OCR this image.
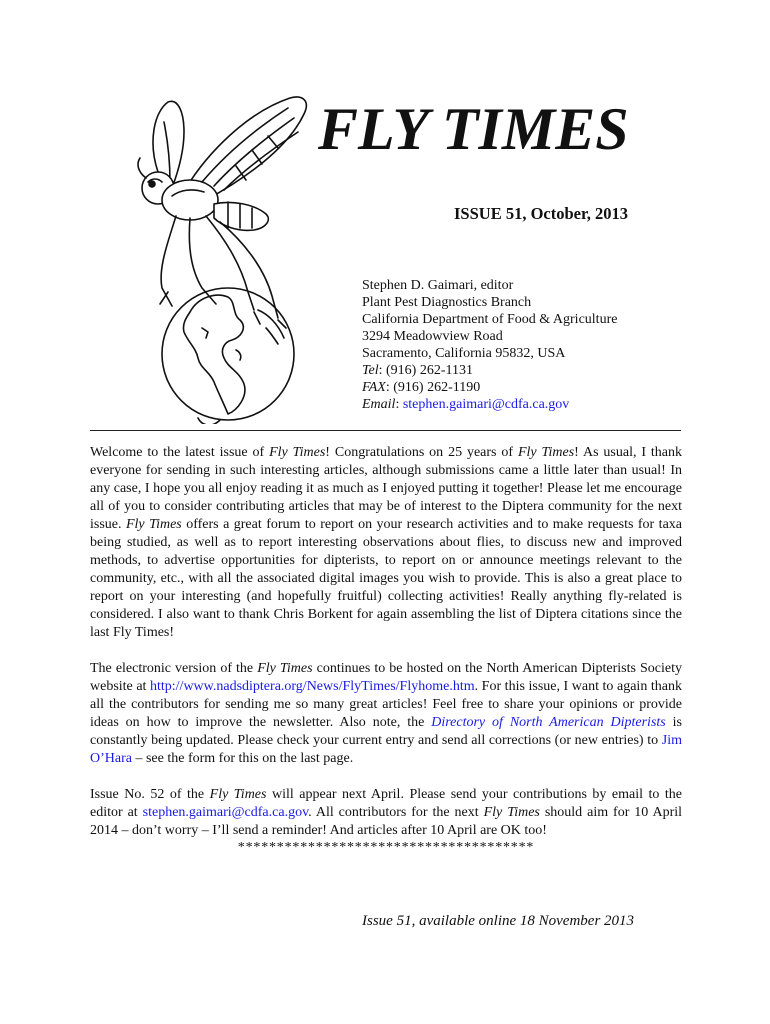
FLY TIMES
ISSUE 51, October, 2013
Stephen D. Gaimari, editor
Plant Pest Diagnostics Branch
California Department of Food & Agriculture
3294 Meadowview Road
Sacramento, California 95832, USA
Tel: (916) 262-1131
FAX: (916) 262-1190
Email: stephen.gaimari@cdfa.ca.gov

Welcome to the latest issue of Fly Times! Congratulations on 25 years of Fly Times! As usual, I thank everyone for sending in such interesting articles, although submissions came a little later than usual! In any case, I hope you all enjoy reading it as much as I enjoyed putting it together! Please let me encourage all of you to consider contributing articles that may be of interest to the Diptera community for the next issue. Fly Times offers a great forum to report on your research activities and to make requests for taxa being studied, as well as to report interesting observations about flies, to discuss new and improved methods, to advertise opportunities for dipterists, to report on or announce meetings relevant to the community, etc., with all the associated digital images you wish to provide. This is also a great place to report on your interesting (and hopefully fruitful) collecting activities! Really anything fly-related is considered. I also want to thank Chris Borkent for again assembling the list of Diptera citations since the last Fly Times!

The electronic version of the Fly Times continues to be hosted on the North American Dipterists Society website at http://www.nadsdiptera.org/News/FlyTimes/Flyhome.htm. For this issue, I want to again thank all the contributors for sending me so many great articles! Feel free to share your opinions or provide ideas on how to improve the newsletter. Also note, the Directory of North American Dipterists is constantly being updated. Please check your current entry and send all corrections (or new entries) to Jim O’Hara – see the form for this on the last page.

Issue No. 52 of the Fly Times will appear next April. Please send your contributions by email to the editor at stephen.gaimari@cdfa.ca.gov. All contributors for the next Fly Times should aim for 10 April 2014 – don’t worry – I’ll send a reminder! And articles after 10 April are OK too!

**************************************
Issue 51, available online 18 November 2013
